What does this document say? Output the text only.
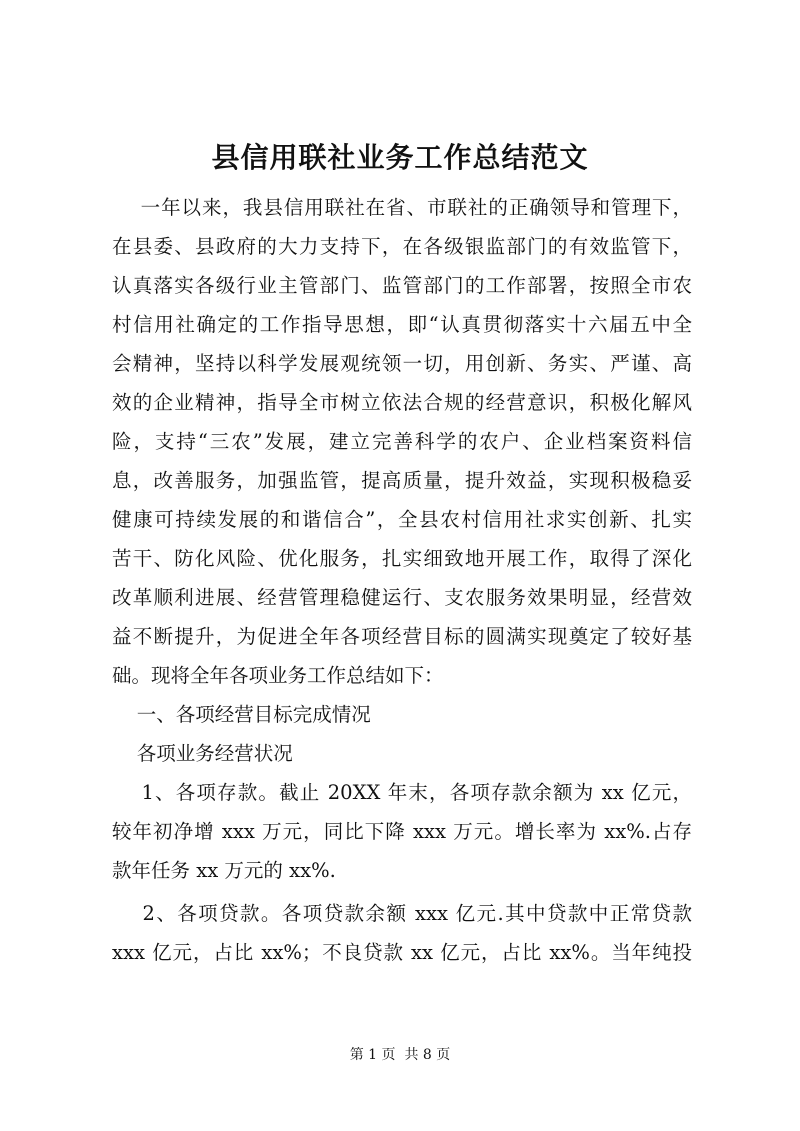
县信用联社业务工作总结范文
一年以来，我县信用联社在省、市联社的正确领导和管理下，
在县委、县政府的大力支持下，在各级银监部门的有效监管下，
认真落实各级行业主管部门、监管部门的工作部署，按照全市农
村信用社确定的工作指导思想，即“认真贯彻落实十六届五中全
会精神，坚持以科学发展观统领一切，用创新、务实、严谨、高
效的企业精神，指导全市树立依法合规的经营意识，积极化解风
险，支持“三农”发展，建立完善科学的农户、企业档案资料信
息，改善服务，加强监管，提高质量，提升效益，实现积极稳妥
健康可持续发展的和谐信合”，全县农村信用社求实创新、扎实
苦干、防化风险、优化服务，扎实细致地开展工作，取得了深化
改革顺利进展、经营管理稳健运行、支农服务效果明显，经营效
益不断提升，为促进全年各项经营目标的圆满实现奠定了较好基
础。现将全年各项业务工作总结如下：
一、各项经营目标完成情况
各项业务经营状况
1、各项存款。截止 20XX 年末，各项存款余额为 xx 亿元，
较年初净增 xxx 万元，同比下降 xxx 万元。增长率为 xx%.占存
款年任务 xx 万元的 xx%.
2、各项贷款。各项贷款余额 xxx 亿元.其中贷款中正常贷款
xxx 亿元，占比 xx%；不良贷款 xx 亿元，占比 xx%。当年纯投
第 1 页  共 8 页
